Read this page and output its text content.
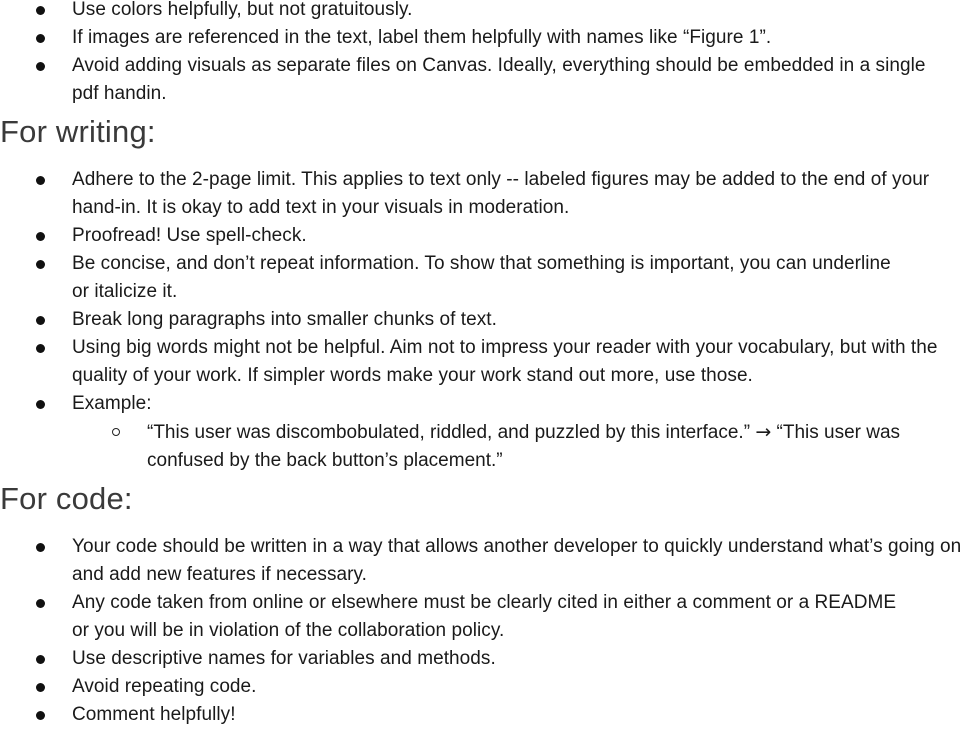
Use colors helpfully, but not gratuitously.
If images are referenced in the text, label them helpfully with names like “Figure 1”.
Avoid adding visuals as separate files on Canvas. Ideally, everything should be embedded in a single pdf handin.
For writing:
Adhere to the 2-page limit. This applies to text only -- labeled figures may be added to the end of your hand-in. It is okay to add text in your visuals in moderation.
Proofread! Use spell-check.
Be concise, and don’t repeat information. To show that something is important, you can underline or italicize it.
Break long paragraphs into smaller chunks of text.
Using big words might not be helpful. Aim not to impress your reader with your vocabulary, but with the quality of your work. If simpler words make your work stand out more, use those.
Example:
“This user was discombobulated, riddled, and puzzled by this interface.” → “This user was confused by the back button’s placement.”
For code:
Your code should be written in a way that allows another developer to quickly understand what’s going on and add new features if necessary.
Any code taken from online or elsewhere must be clearly cited in either a comment or a README or you will be in violation of the collaboration policy.
Use descriptive names for variables and methods.
Avoid repeating code.
Comment helpfully!
